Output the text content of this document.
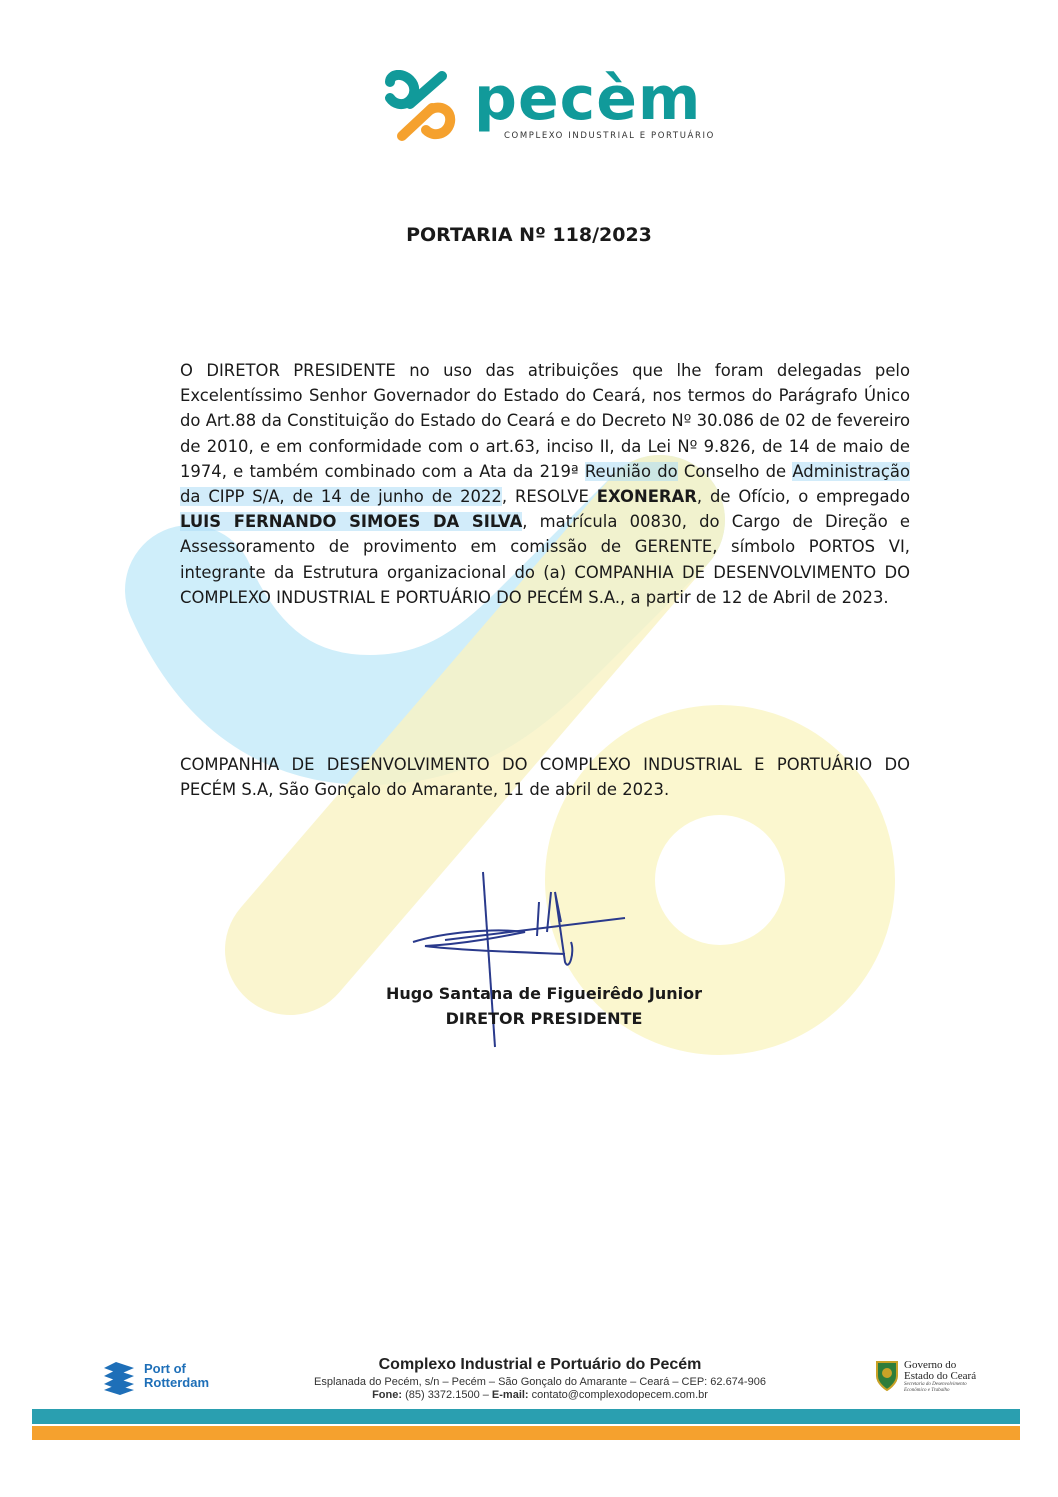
pecèm
COMPLEXO INDUSTRIAL E PORTUÁRIO
PORTARIA Nº 118/2023
O DIRETOR PRESIDENTE no uso das atribuições que lhe foram delegadas pelo Excelentíssimo Senhor Governador do Estado do Ceará, nos termos do Parágrafo Único do Art.88 da Constituição do Estado do Ceará e do Decreto Nº 30.086 de 02 de fevereiro de 2010, e em conformidade com o art.63, inciso II, da Lei Nº 9.826, de 14 de maio de 1974, e também combinado com a Ata da 219ª Reunião do Conselho de Administração da CIPP S/A, de 14 de junho de 2022, RESOLVE EXONERAR, de Ofício, o empregado LUIS FERNANDO SIMOES DA SILVA, matrícula 00830, do Cargo de Direção e Assessoramento de provimento em comissão de GERENTE, símbolo PORTOS VI, integrante da Estrutura organizacional do (a) COMPANHIA DE DESENVOLVIMENTO DO COMPLEXO INDUSTRIAL E PORTUÁRIO DO PECÉM S.A., a partir de 12 de Abril de 2023.
COMPANHIA DE DESENVOLVIMENTO DO COMPLEXO INDUSTRIAL E PORTUÁRIO DO PECÉM S.A, São Gonçalo do Amarante, 11 de abril de 2023.
Hugo Santana de Figueirêdo Junior
DIRETOR PRESIDENTE
Port of
Rotterdam
Complexo Industrial e Portuário do Pecém
Esplanada do Pecém, s/n – Pecém – São Gonçalo do Amarante – Ceará – CEP: 62.674-906
Fone: (85) 3372.1500 – E-mail: contato@complexodopecem.com.br
Governo do
Estado do Ceará
Secretaria do Desenvolvimento
Econômico e Trabalho
